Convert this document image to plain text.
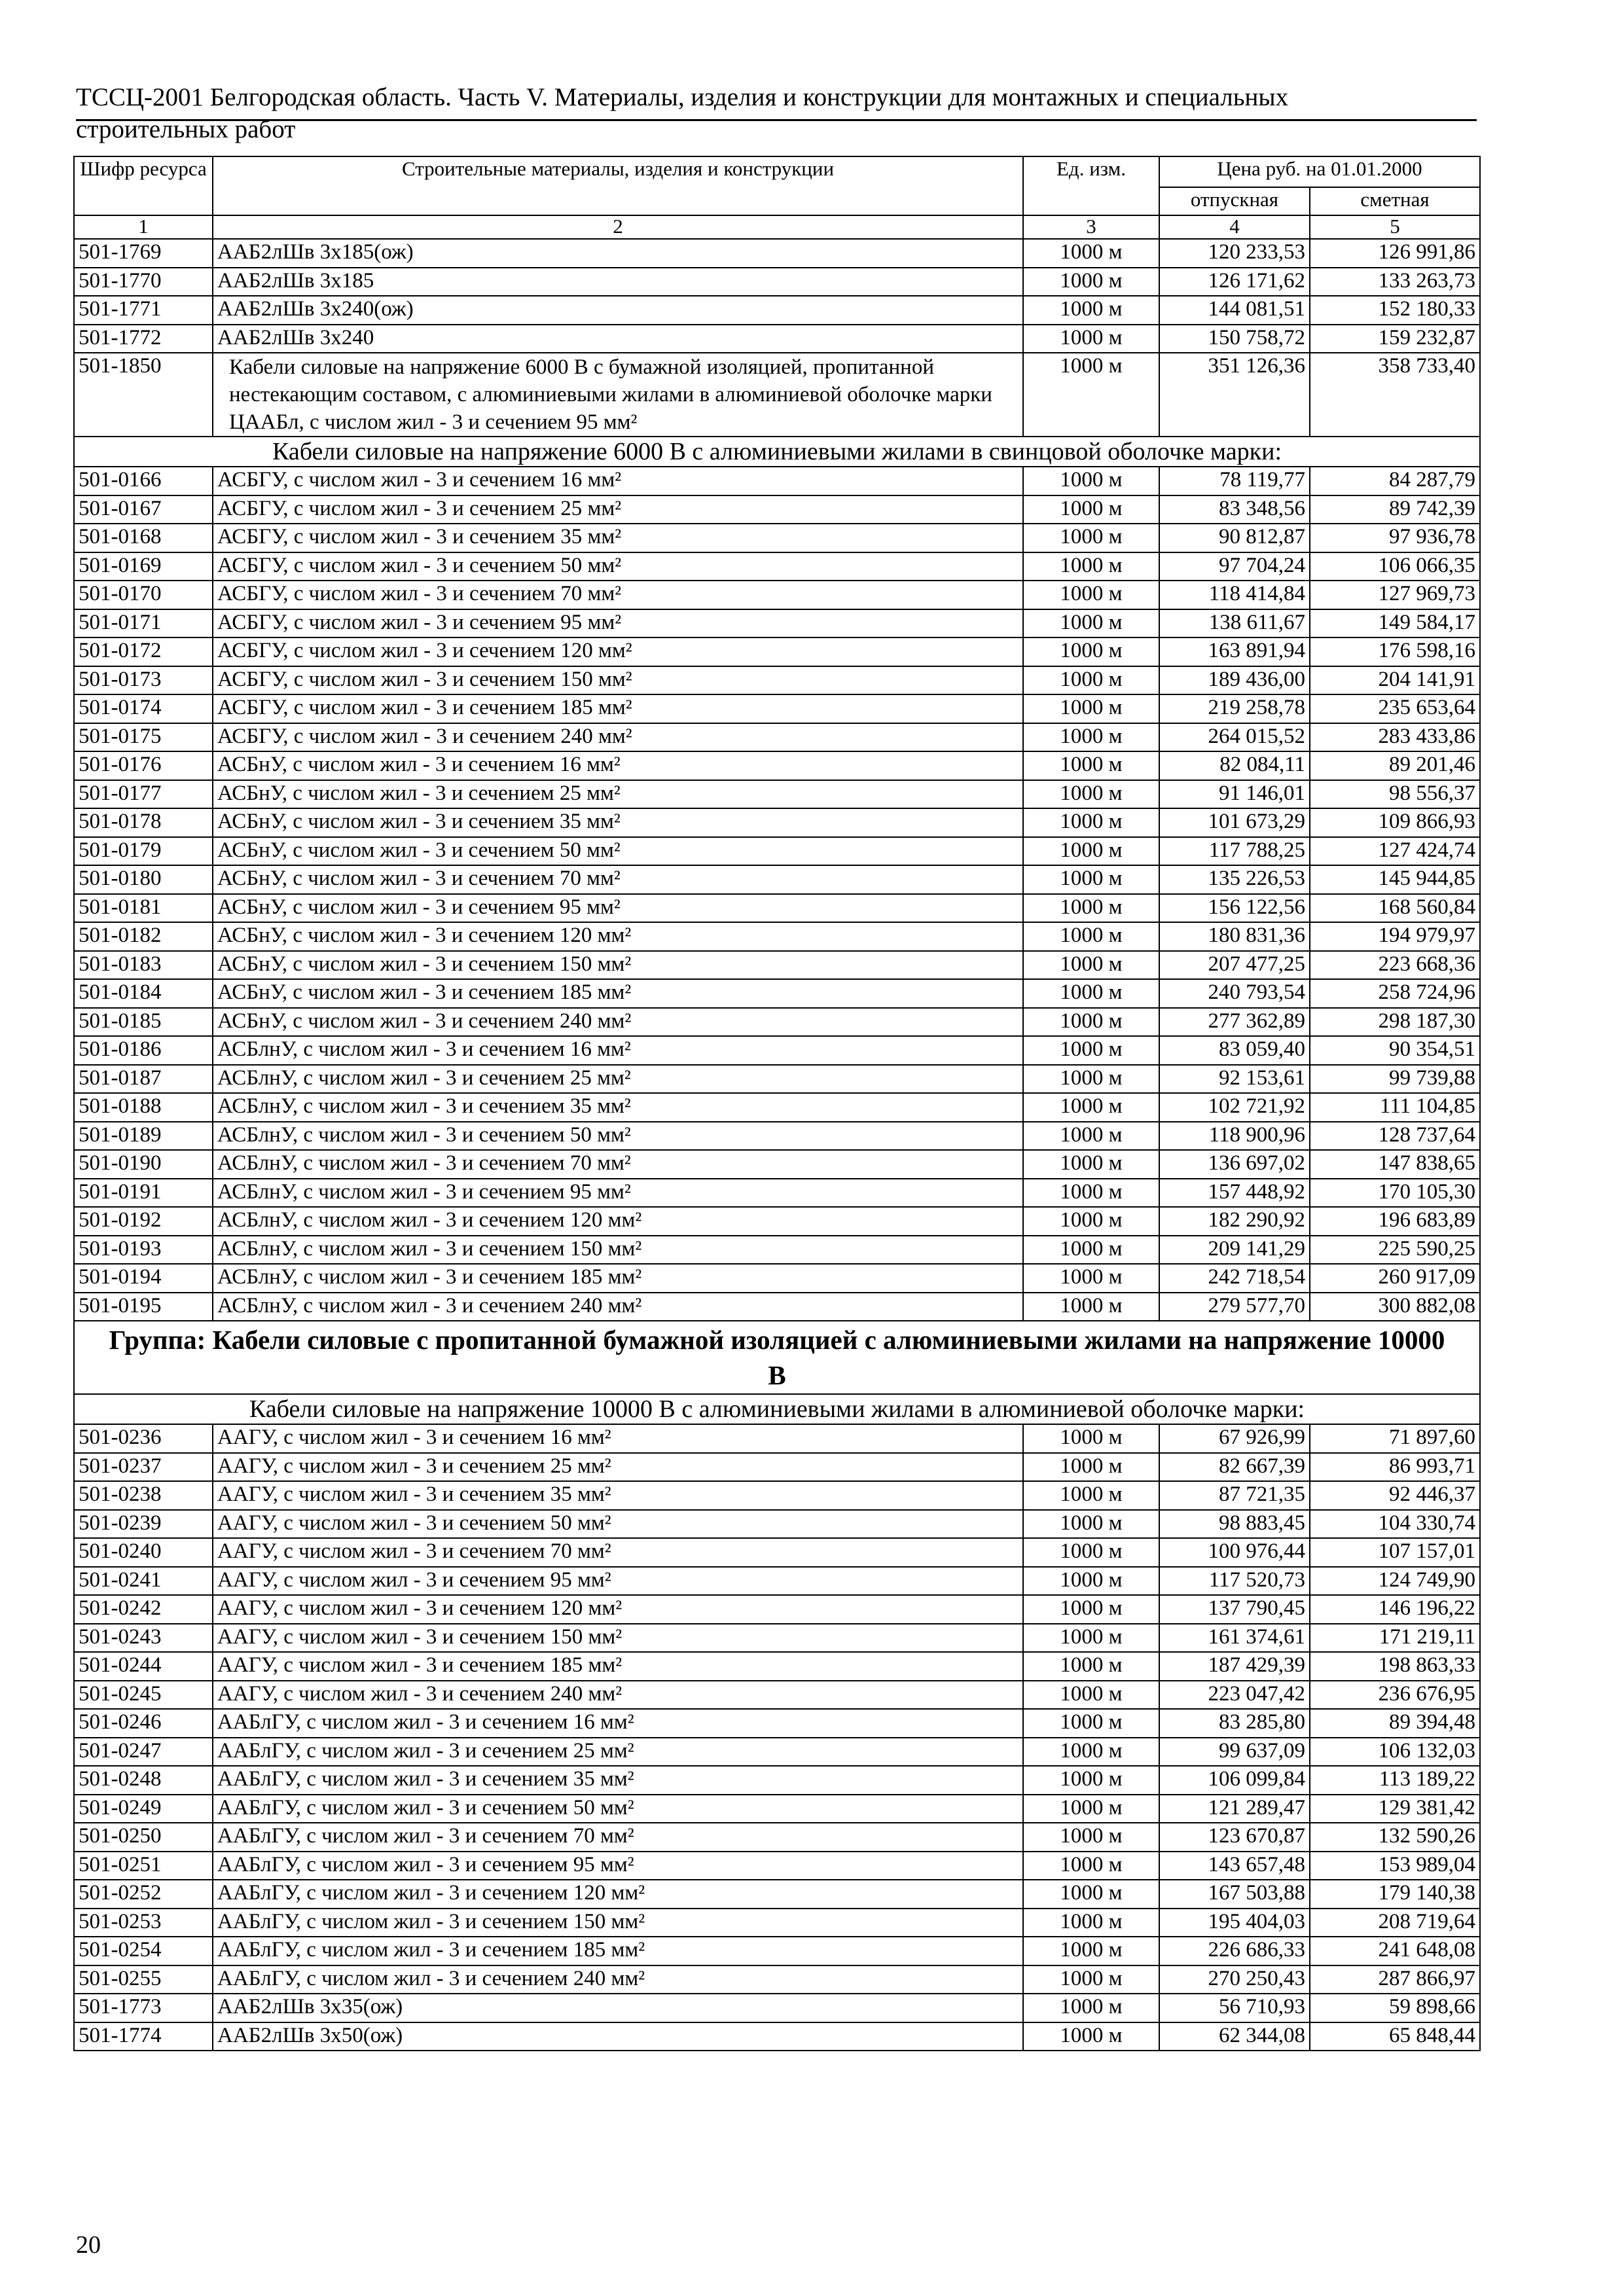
ТССЦ-2001 Белгородская область. Часть V. Материалы, изделия и конструкции для монтажных и специальных
строительных работ
Шифр ресурса	Строительные материалы, изделия и конструкции	Ед. изм.	Цена руб. на 01.01.2000	
			отпускная	сметная
1	2	3	4	5
501-1769	ААБ2лШв 3х185(ож)	1000 м	120 233,53	126 991,86
501-1770	ААБ2лШв 3х185	1000 м	126 171,62	133 263,73
501-1771	ААБ2лШв 3х240(ож)	1000 м	144 081,51	152 180,33
501-1772	ААБ2лШв 3х240	1000 м	150 758,72	159 232,87
501-1850	Кабели силовые на напряжение 6000 В с бумажной изоляцией, пропитанной нестекающим составом, с алюминиевыми жилами в алюминиевой оболочке марки ЦААБл, с числом жил - 3 и сечением 95 мм²	1000 м	351 126,36	358 733,40
Кабели силовые на напряжение 6000 В с алюминиевыми жилами в свинцовой оболочке марки:				
501-0166	АСБГУ, с числом жил - 3 и сечением 16 мм²	1000 м	78 119,77	84 287,79
501-0167	АСБГУ, с числом жил - 3 и сечением 25 мм²	1000 м	83 348,56	89 742,39
501-0168	АСБГУ, с числом жил - 3 и сечением 35 мм²	1000 м	90 812,87	97 936,78
501-0169	АСБГУ, с числом жил - 3 и сечением 50 мм²	1000 м	97 704,24	106 066,35
501-0170	АСБГУ, с числом жил - 3 и сечением 70 мм²	1000 м	118 414,84	127 969,73
501-0171	АСБГУ, с числом жил - 3 и сечением 95 мм²	1000 м	138 611,67	149 584,17
501-0172	АСБГУ, с числом жил - 3 и сечением 120 мм²	1000 м	163 891,94	176 598,16
501-0173	АСБГУ, с числом жил - 3 и сечением 150 мм²	1000 м	189 436,00	204 141,91
501-0174	АСБГУ, с числом жил - 3 и сечением 185 мм²	1000 м	219 258,78	235 653,64
501-0175	АСБГУ, с числом жил - 3 и сечением 240 мм²	1000 м	264 015,52	283 433,86
501-0176	АСБнУ, с числом жил - 3 и сечением 16 мм²	1000 м	82 084,11	89 201,46
501-0177	АСБнУ, с числом жил - 3 и сечением 25 мм²	1000 м	91 146,01	98 556,37
501-0178	АСБнУ, с числом жил - 3 и сечением 35 мм²	1000 м	101 673,29	109 866,93
501-0179	АСБнУ, с числом жил - 3 и сечением 50 мм²	1000 м	117 788,25	127 424,74
501-0180	АСБнУ, с числом жил - 3 и сечением 70 мм²	1000 м	135 226,53	145 944,85
501-0181	АСБнУ, с числом жил - 3 и сечением 95 мм²	1000 м	156 122,56	168 560,84
501-0182	АСБнУ, с числом жил - 3 и сечением 120 мм²	1000 м	180 831,36	194 979,97
501-0183	АСБнУ, с числом жил - 3 и сечением 150 мм²	1000 м	207 477,25	223 668,36
501-0184	АСБнУ, с числом жил - 3 и сечением 185 мм²	1000 м	240 793,54	258 724,96
501-0185	АСБнУ, с числом жил - 3 и сечением 240 мм²	1000 м	277 362,89	298 187,30
501-0186	АСБлнУ, с числом жил - 3 и сечением 16 мм²	1000 м	83 059,40	90 354,51
501-0187	АСБлнУ, с числом жил - 3 и сечением 25 мм²	1000 м	92 153,61	99 739,88
501-0188	АСБлнУ, с числом жил - 3 и сечением 35 мм²	1000 м	102 721,92	111 104,85
501-0189	АСБлнУ, с числом жил - 3 и сечением 50 мм²	1000 м	118 900,96	128 737,64
501-0190	АСБлнУ, с числом жил - 3 и сечением 70 мм²	1000 м	136 697,02	147 838,65
501-0191	АСБлнУ, с числом жил - 3 и сечением 95 мм²	1000 м	157 448,92	170 105,30
501-0192	АСБлнУ, с числом жил - 3 и сечением 120 мм²	1000 м	182 290,92	196 683,89
501-0193	АСБлнУ, с числом жил - 3 и сечением 150 мм²	1000 м	209 141,29	225 590,25
501-0194	АСБлнУ, с числом жил - 3 и сечением 185 мм²	1000 м	242 718,54	260 917,09
501-0195	АСБлнУ, с числом жил - 3 и сечением 240 мм²	1000 м	279 577,70	300 882,08
Группа: Кабели силовые с пропитанной бумажной изоляцией с алюминиевыми жилами на напряжение 10000 В				
Кабели силовые на напряжение 10000 В с алюминиевыми жилами в алюминиевой оболочке марки:				
501-0236	ААГУ, с числом жил - 3 и сечением 16 мм²	1000 м	67 926,99	71 897,60
501-0237	ААГУ, с числом жил - 3 и сечением 25 мм²	1000 м	82 667,39	86 993,71
501-0238	ААГУ, с числом жил - 3 и сечением 35 мм²	1000 м	87 721,35	92 446,37
501-0239	ААГУ, с числом жил - 3 и сечением 50 мм²	1000 м	98 883,45	104 330,74
501-0240	ААГУ, с числом жил - 3 и сечением 70 мм²	1000 м	100 976,44	107 157,01
501-0241	ААГУ, с числом жил - 3 и сечением 95 мм²	1000 м	117 520,73	124 749,90
501-0242	ААГУ, с числом жил - 3 и сечением 120 мм²	1000 м	137 790,45	146 196,22
501-0243	ААГУ, с числом жил - 3 и сечением 150 мм²	1000 м	161 374,61	171 219,11
501-0244	ААГУ, с числом жил - 3 и сечением 185 мм²	1000 м	187 429,39	198 863,33
501-0245	ААГУ, с числом жил - 3 и сечением 240 мм²	1000 м	223 047,42	236 676,95
501-0246	ААБлГУ, с числом жил - 3 и сечением 16 мм²	1000 м	83 285,80	89 394,48
501-0247	ААБлГУ, с числом жил - 3 и сечением 25 мм²	1000 м	99 637,09	106 132,03
501-0248	ААБлГУ, с числом жил - 3 и сечением 35 мм²	1000 м	106 099,84	113 189,22
501-0249	ААБлГУ, с числом жил - 3 и сечением 50 мм²	1000 м	121 289,47	129 381,42
501-0250	ААБлГУ, с числом жил - 3 и сечением 70 мм²	1000 м	123 670,87	132 590,26
501-0251	ААБлГУ, с числом жил - 3 и сечением 95 мм²	1000 м	143 657,48	153 989,04
501-0252	ААБлГУ, с числом жил - 3 и сечением 120 мм²	1000 м	167 503,88	179 140,38
501-0253	ААБлГУ, с числом жил - 3 и сечением 150 мм²	1000 м	195 404,03	208 719,64
501-0254	ААБлГУ, с числом жил - 3 и сечением 185 мм²	1000 м	226 686,33	241 648,08
501-0255	ААБлГУ, с числом жил - 3 и сечением 240 мм²	1000 м	270 250,43	287 866,97
501-1773	ААБ2лШв 3х35(ож)	1000 м	56 710,93	59 898,66
501-1774	ААБ2лШв 3х50(ож)	1000 м	62 344,08	65 848,44
20
